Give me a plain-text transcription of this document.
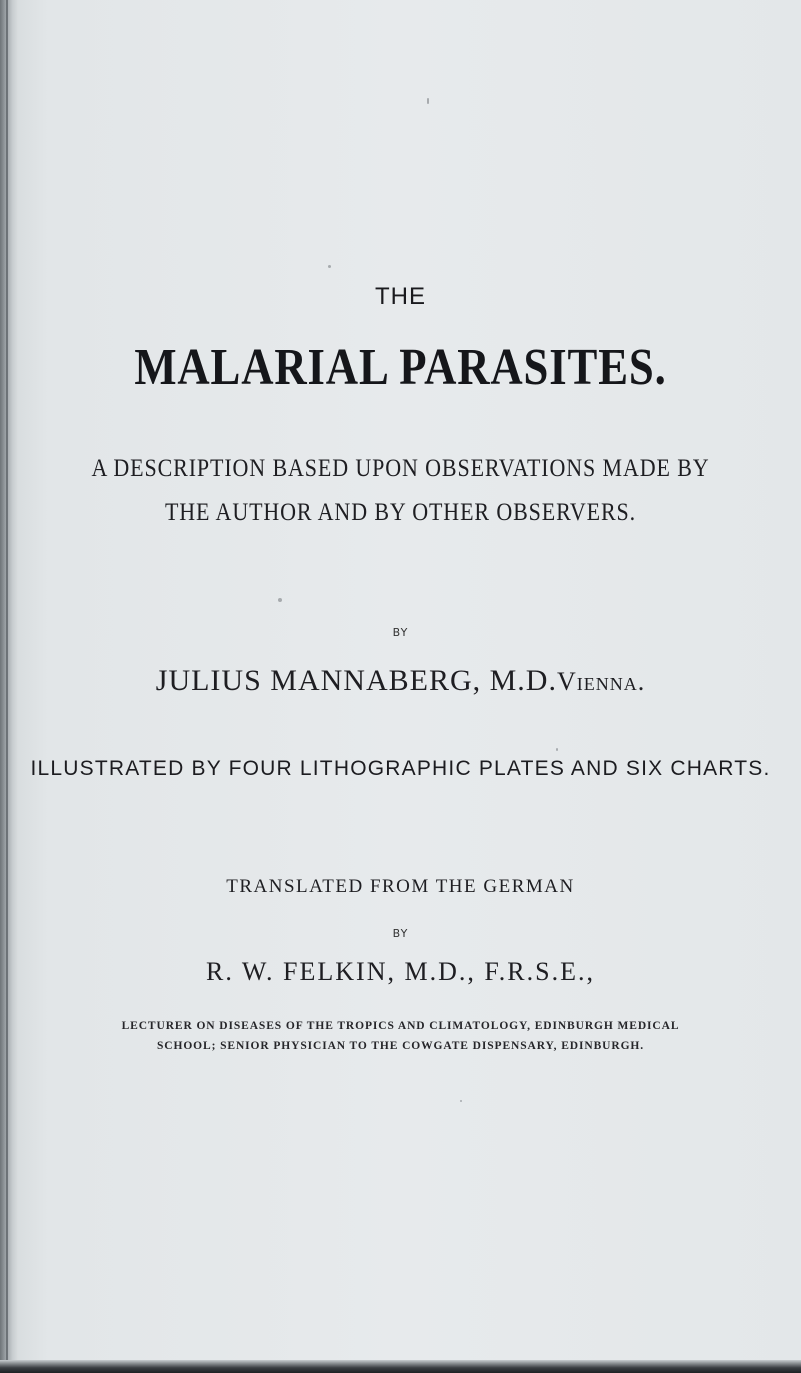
THE
MALARIAL PARASITES.
A DESCRIPTION BASED UPON OBSERVATIONS MADE BY
THE AUTHOR AND BY OTHER OBSERVERS.
BY
JULIUS MANNABERG, M.D.Vienna.
ILLUSTRATED BY FOUR LITHOGRAPHIC PLATES AND SIX CHARTS.
TRANSLATED FROM THE GERMAN
BY
R. W. FELKIN, M.D., F.R.S.E.,
LECTURER ON DISEASES OF THE TROPICS AND CLIMATOLOGY, EDINBURGH MEDICAL
SCHOOL; SENIOR PHYSICIAN TO THE COWGATE DISPENSARY, EDINBURGH.
